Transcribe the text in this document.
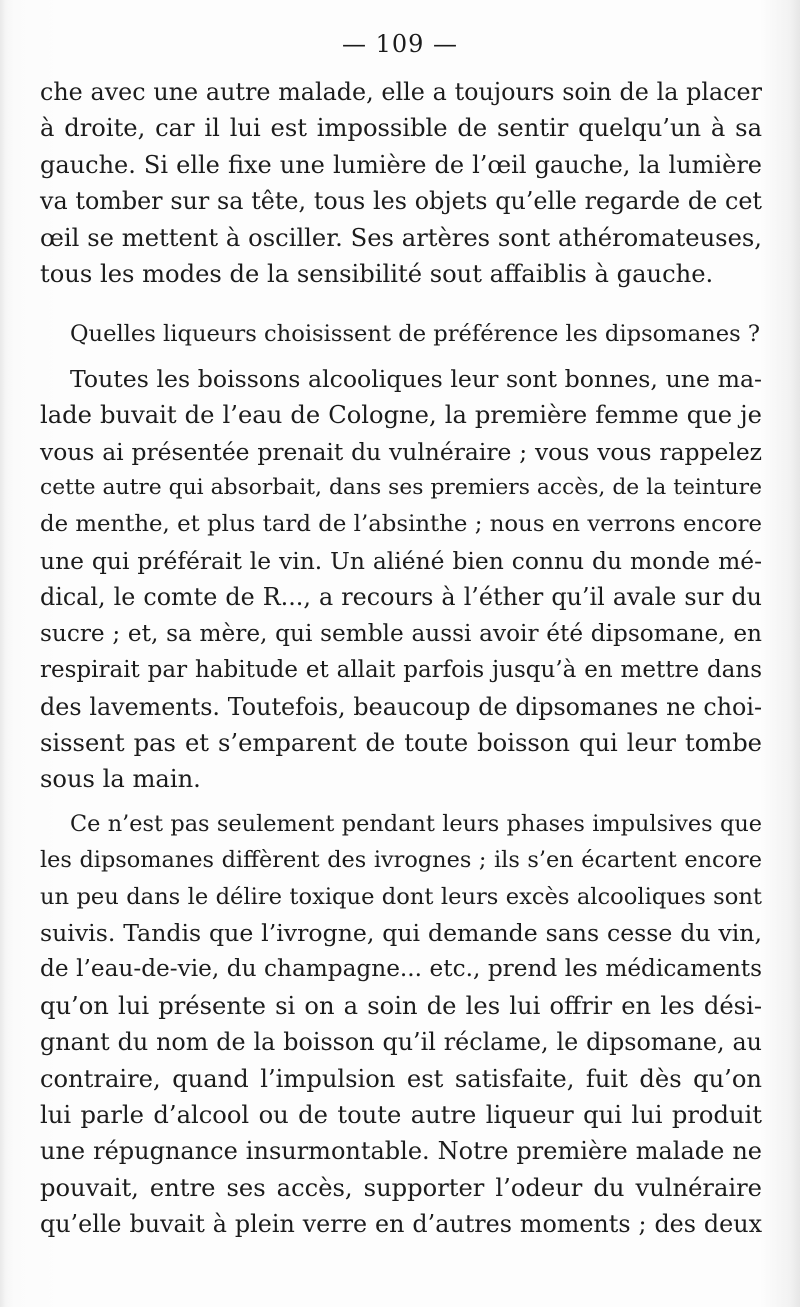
— 109 —
che avec une autre malade, elle a toujours soin de la placer
à droite, car il lui est impossible de sentir quelqu’un à sa
gauche. Si elle fixe une lumière de l’œil gauche, la lumière
va tomber sur sa tête, tous les objets qu’elle regarde de cet
œil se mettent à osciller. Ses artères sont athéromateuses,
tous les modes de la sensibilité sout affaiblis à gauche.
Quelles liqueurs choisissent de préférence les dipsomanes ?
Toutes les boissons alcooliques leur sont bonnes, une ma-
lade buvait de l’eau de Cologne, la première femme que je
vous ai présentée prenait du vulnéraire ; vous vous rappelez
cette autre qui absorbait, dans ses premiers accès, de la teinture
de menthe, et plus tard de l’absinthe ; nous en verrons encore
une qui préférait le vin. Un aliéné bien connu du monde mé-
dical, le comte de R..., a recours à l’éther qu’il avale sur du
sucre ; et, sa mère, qui semble aussi avoir été dipsomane, en
respirait par habitude et allait parfois jusqu’à en mettre dans
des lavements. Toutefois, beaucoup de dipsomanes ne choi-
sissent pas et s’emparent de toute boisson qui leur tombe
sous la main.
Ce n’est pas seulement pendant leurs phases impulsives que
les dipsomanes diffèrent des ivrognes ; ils s’en écartent encore
un peu dans le délire toxique dont leurs excès alcooliques sont
suivis. Tandis que l’ivrogne, qui demande sans cesse du vin,
de l’eau-de-vie, du champagne... etc., prend les médicaments
qu’on lui présente si on a soin de les lui offrir en les dési-
gnant du nom de la boisson qu’il réclame, le dipsomane, au
contraire, quand l’impulsion est satisfaite, fuit dès qu’on
lui parle d’alcool ou de toute autre liqueur qui lui produit
une répugnance insurmontable. Notre première malade ne
pouvait, entre ses accès, supporter l’odeur du vulnéraire
qu’elle buvait à plein verre en d’autres moments ; des deux
